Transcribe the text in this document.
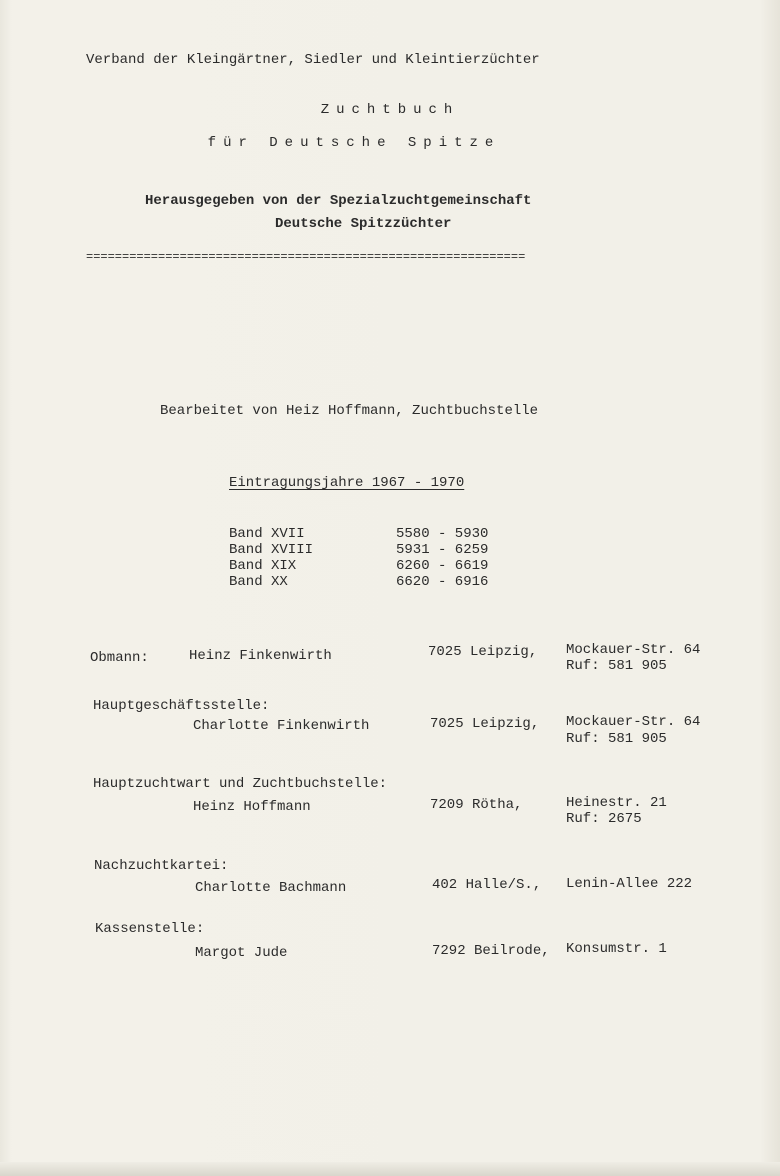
Verband der Kleingärtner, Siedler und Kleintierzüchter
Zuchtbuch
für Deutsche Spitze
Herausgegeben von der Spezialzuchtgemeinschaft
Deutsche Spitzzüchter
=============================================================
Bearbeitet von Heiz Hoffmann, Zuchtbuchstelle
Eintragungsjahre 1967 - 1970
Band XVII	5580 - 5930
Band XVIII	5931 - 6259
Band XIX	6260 - 6619
Band XX	6620 - 6916
Obmann:	Heinz Finkenwirth	7025 Leipzig, Mockauer-Str. 64
Ruf: 581 905
Hauptgeschäftsstelle:
Charlotte Finkenwirth	7025 Leipzig, Mockauer-Str. 64
Ruf: 581 905
Hauptzuchtwart und Zuchtbuchstelle:
Heinz Hoffmann	7209 Rötha,	Heinestr. 21
Ruf: 2675
Nachzuchtkartei:
Charlotte Bachmann	402 Halle/S., Lenin-Allee 222
Kassenstelle:
Margot Jude	7292 Beilrode, Konsumstr. 1
